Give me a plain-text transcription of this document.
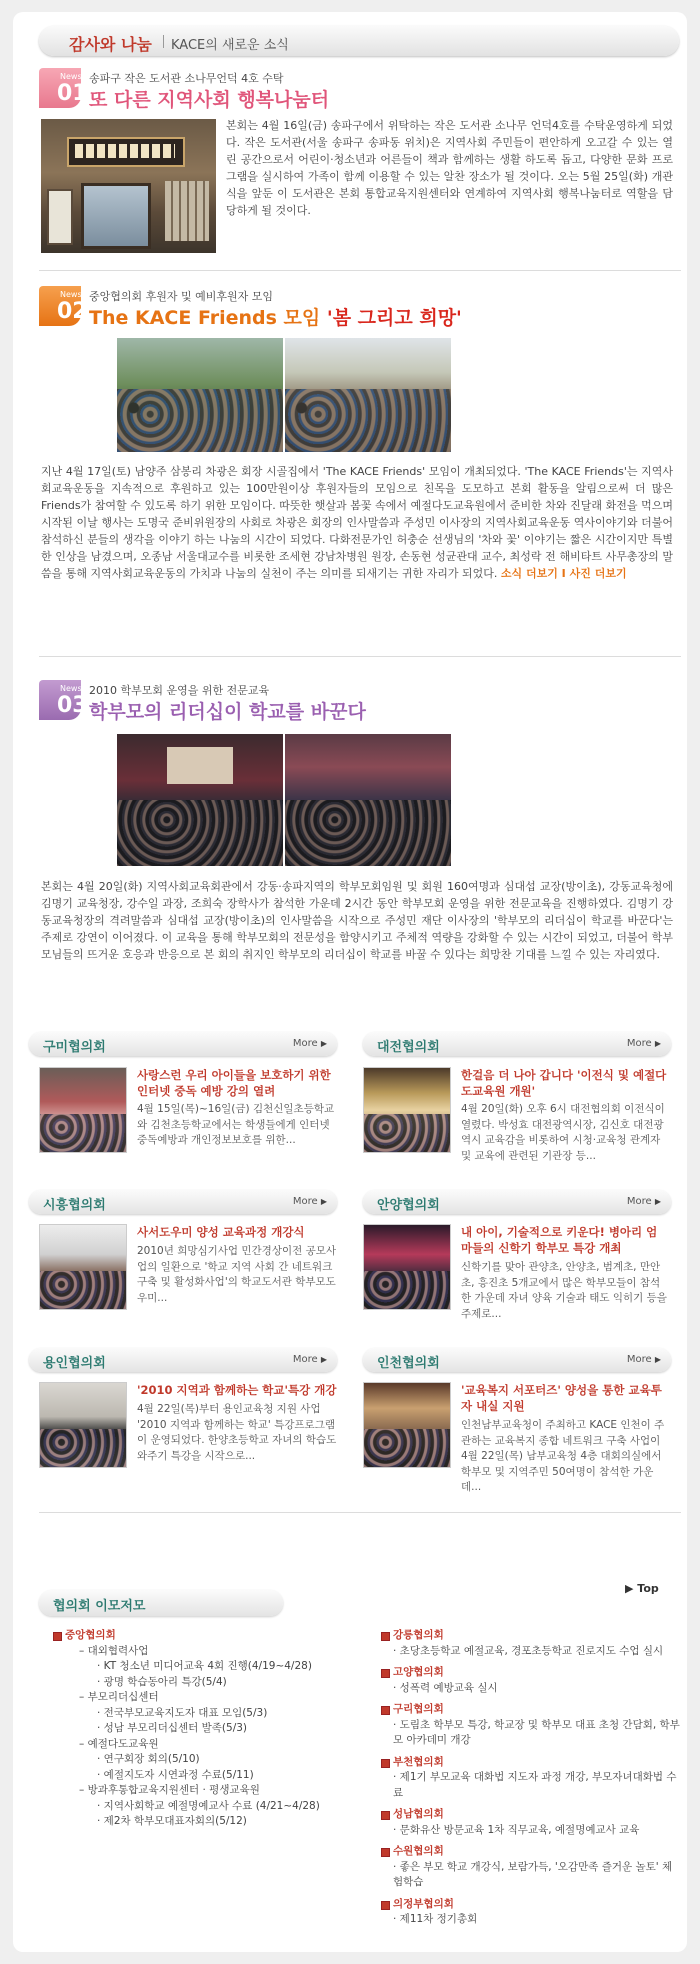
감사와 나눔 KACE의 새로운 소식
News
01
송파구 작은 도서관 소나무언덕 4호 수탁
또 다른 지역사회 행복나눔터
본회는 4월 16일(금) 송파구에서 위탁하는 작은 도서관 소나무 언덕4호를 수탁운영하게 되었다. 작은 도서관(서울 송파구 송파동 위치)은 지역사회 주민들이 편안하게 오고갈 수 있는 열린 공간으로서 어린이·청소년과 어른들이 책과 함께하는 생활 하도록 돕고, 다양한 문화 프로그램을 실시하여 가족이 함께 이용할 수 있는 알찬 장소가 될 것이다. 오는 5월 25일(화) 개관식을 앞둔 이 도서관은 본회 통합교육지원센터와 연계하여 지역사회 행복나눔터로 역할을 담당하게 될 것이다.
News
02
중앙협의회 후원자 및 예비후원자 모임
The KACE Friends 모임 '봄 그리고 희망'
지난 4월 17일(토) 남양주 삼봉리 차광은 회장 시골집에서 'The KACE Friends' 모임이 개최되었다. 'The KACE Friends'는 지역사회교육운동을 지속적으로 후원하고 있는 100만원이상 후원자들의 모임으로 친목을 도모하고 본회 활동을 알림으로써 더 많은 Friends가 참여할 수 있도록 하기 위한 모임이다. 따뜻한 햇살과 봄꽃 속에서 예절다도교육원에서 준비한 차와 진달래 화전을 먹으며 시작된 이날 행사는 도명국 준비위원장의 사회로 차광은 회장의 인사말씀과 주성민 이사장의 지역사회교육운동 역사이야기와 더불어 참석하신 분들의 생각을 이야기 하는 나눔의 시간이 되었다. 다화전문가인 허충순 선생님의 '차와 꽃' 이야기는 짧은 시간이지만 특별한 인상을 남겼으며, 오종남 서울대교수를 비롯한 조세현 강남차병원 원장, 손동현 성균관대 교수, 최성락 전 해비타트 사무총장의 말씀을 통해 지역사회교육운동의 가치과 나눔의 실천이 주는 의미를 되새기는 귀한 자리가 되었다. 소식 더보기 I 사진 더보기
News
03
2010 학부모회 운영을 위한 전문교육
학부모의 리더십이 학교를 바꾼다
본회는 4월 20일(화) 지역사회교육회관에서 강동·송파지역의 학부모회임원 및 회원 160여명과 심대섭 교장(방이초), 강동교육청에 김명기 교육청장, 강수일 과장, 조희숙 장학사가 참석한 가운데 2시간 동안 학부모회 운영을 위한 전문교육을 진행하였다. 김명기 강동교육청장의 격려말씀과 심대섭 교장(방이초)의 인사말씀을 시작으로 주성민 재단 이사장의 '학부모의 리더십이 학교를 바꾼다'는 주제로 강연이 이어졌다. 이 교육을 통해 학부모회의 전문성을 함양시키고 주체적 역량을 강화할 수 있는 시간이 되었고, 더불어 학부모님들의 뜨거운 호응과 반응으로 본 회의 취지인 학부모의 리더십이 학교를 바꿀 수 있다는 희망찬 기대를 느낄 수 있는 자리였다.
구미협의회	More ▶
사랑스런 우리 아이들을 보호하기 위한 인터넷 중독 예방 강의 열려
4월 15일(목)~16일(금) 김천신일초등학교와 김천초등학교에서는 학생들에게 인터넷 중독예방과 개인정보보호를 위한...
대전협의회	More ▶
한걸음 더 나아 갑니다 '이전식 및 예절다도교육원 개원'
4월 20일(화) 오후 6시 대전협의회 이전식이 열렸다. 박성효 대전광역시장, 김신호 대전광역시 교육감을 비롯하여 시청·교육청 관계자 및 교육에 관련된 기관장 등...
시흥협의회	More ▶
사서도우미 양성 교육과정 개강식
2010년 희망심기사업 민간경상이전 공모사업의 일환으로 '학교 지역 사회 간 네트워크 구축 및 활성화사업'의 학교도서관 학부모도우미...
안양협의회	More ▶
내 아이, 기술적으로 키운다! 병아리 엄마들의 신학기 학부모 특강 개최
신학기를 맞아 관양초, 안양초, 범계초, 만안초, 흥진초 5개교에서 많은 학부모들이 참석한 가운데 자녀 양육 기술과 태도 익히기 등을 주제로...
용인협의회	More ▶
'2010 지역과 함께하는 학교'특강 개강
4월 22일(목)부터 용인교육청 지원 사업 '2010 지역과 함께하는 학교' 특강프로그램이 운영되었다. 한양초등학교 자녀의 학습도와주기 특강을 시작으로...
인천협의회	More ▶
'교육복지 서포터즈' 양성을 통한 교육투자 내실 지원
인천남부교육청이 주최하고 KACE 인천이 주관하는 교육복지 종합 네트워크 구축 사업이 4월 22일(목) 남부교육청 4층 대회의실에서 학부모 및 지역주민 50여명이 참석한 가운데...
▶ Top
협의회 이모저모
중앙협의회
– 대외협력사업
· KT 청소년 미디어교육 4회 진행(4/19~4/28)
· 광명 학습동아리 특강(5/4)
– 부모리더십센터
· 전국부모교육지도자 대표 모임(5/3)
· 성남 부모리더십센터 발족(5/3)
– 예절다도교육원
· 연구회장 회의(5/10)
· 예절지도자 시연과정 수료(5/11)
– 방과후통합교육지원센터 · 평생교육원
· 지역사회학교 예절명예교사 수료 (4/21~4/28)
· 제2차 학부모대표자회의(5/12)
강릉협의회
· 초당초등학교 예절교육, 경포초등학교 진로지도 수업 실시
고양협의회
· 성폭력 예방교육 실시
구리협의회
· 도림초 학부모 특강, 학교장 및 학부모 대표 초청 간담회, 학부모 아카데미 개강
부천협의회
· 제1기 부모교육 대화법 지도자 과정 개강, 부모자녀대화법 수료
성남협의회
· 문화유산 방문교육 1차 직무교육, 예절명예교사 교육
수원협의회
· 좋은 부모 학교 개강식, 보람가득, '오감만족 즐거운 놀토' 체험학습
의정부협의회
· 제11차 정기총회
